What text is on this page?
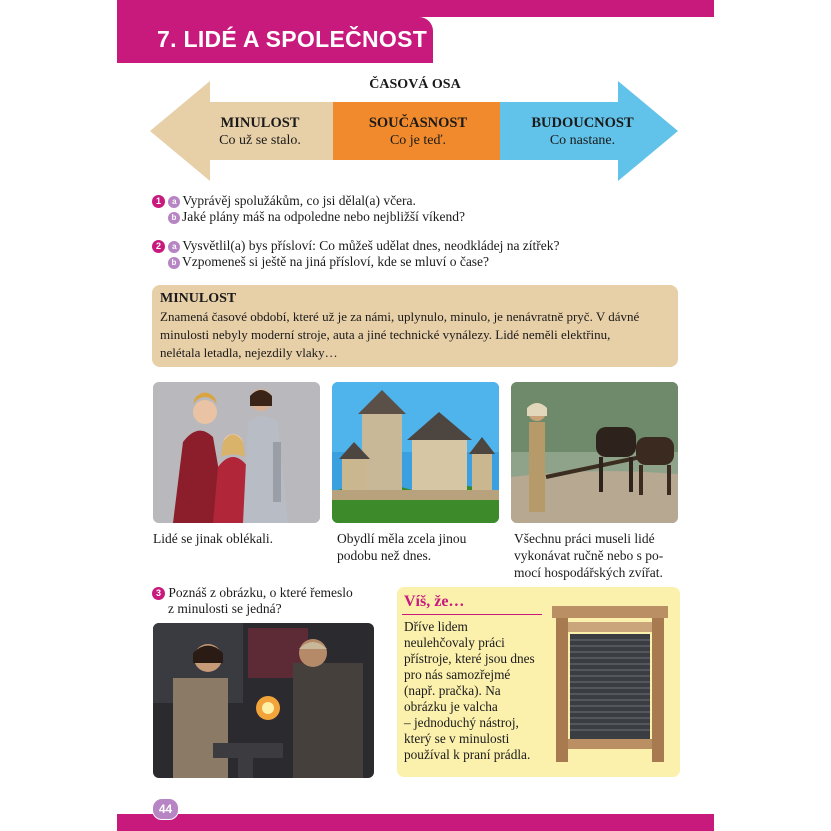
7. LIDÉ A SPOLEČNOST
ČASOVÁ OSA
MINULOST
Co už se stalo.
SOUČASNOST
Co je teď.
BUDOUCNOST
Co nastane.
1 a Vyprávěj spolužákům, co jsi dělal(a) včera.
b Jaké plány máš na odpoledne nebo nejbližší víkend?
2 a Vysvětlil(a) bys přísloví: Co můžeš udělat dnes, neodkládej na zítřek?
b Vzpomeneš si ještě na jiná přísloví, kde se mluví o čase?
MINULOST
Znamená časové období, které už je za námi, uplynulo, minulo, je nenávratně pryč. V dávné
minulosti nebyly moderní stroje, auta a jiné technické vynálezy. Lidé neměli elektřinu,
nelétala letadla, nejezdily vlaky…
Lidé se jinak oblékali.	Obydlí měla zcela jinou
podobu než dnes.
Všechnu práci museli lidé
vykonávat ručně nebo s po-
mocí hospodářských zvířat.
3 Poznáš z obrázku, o které řemeslo
z minulosti se jedná?	Víš, že…
Dříve lidem
neulehčovaly práci
přístroje, které jsou dnes
pro nás samozřejmé
(např. pračka). Na
obrázku je valcha
– jednoduchý nástroj,
který se v minulosti
používal k praní prádla.
44
